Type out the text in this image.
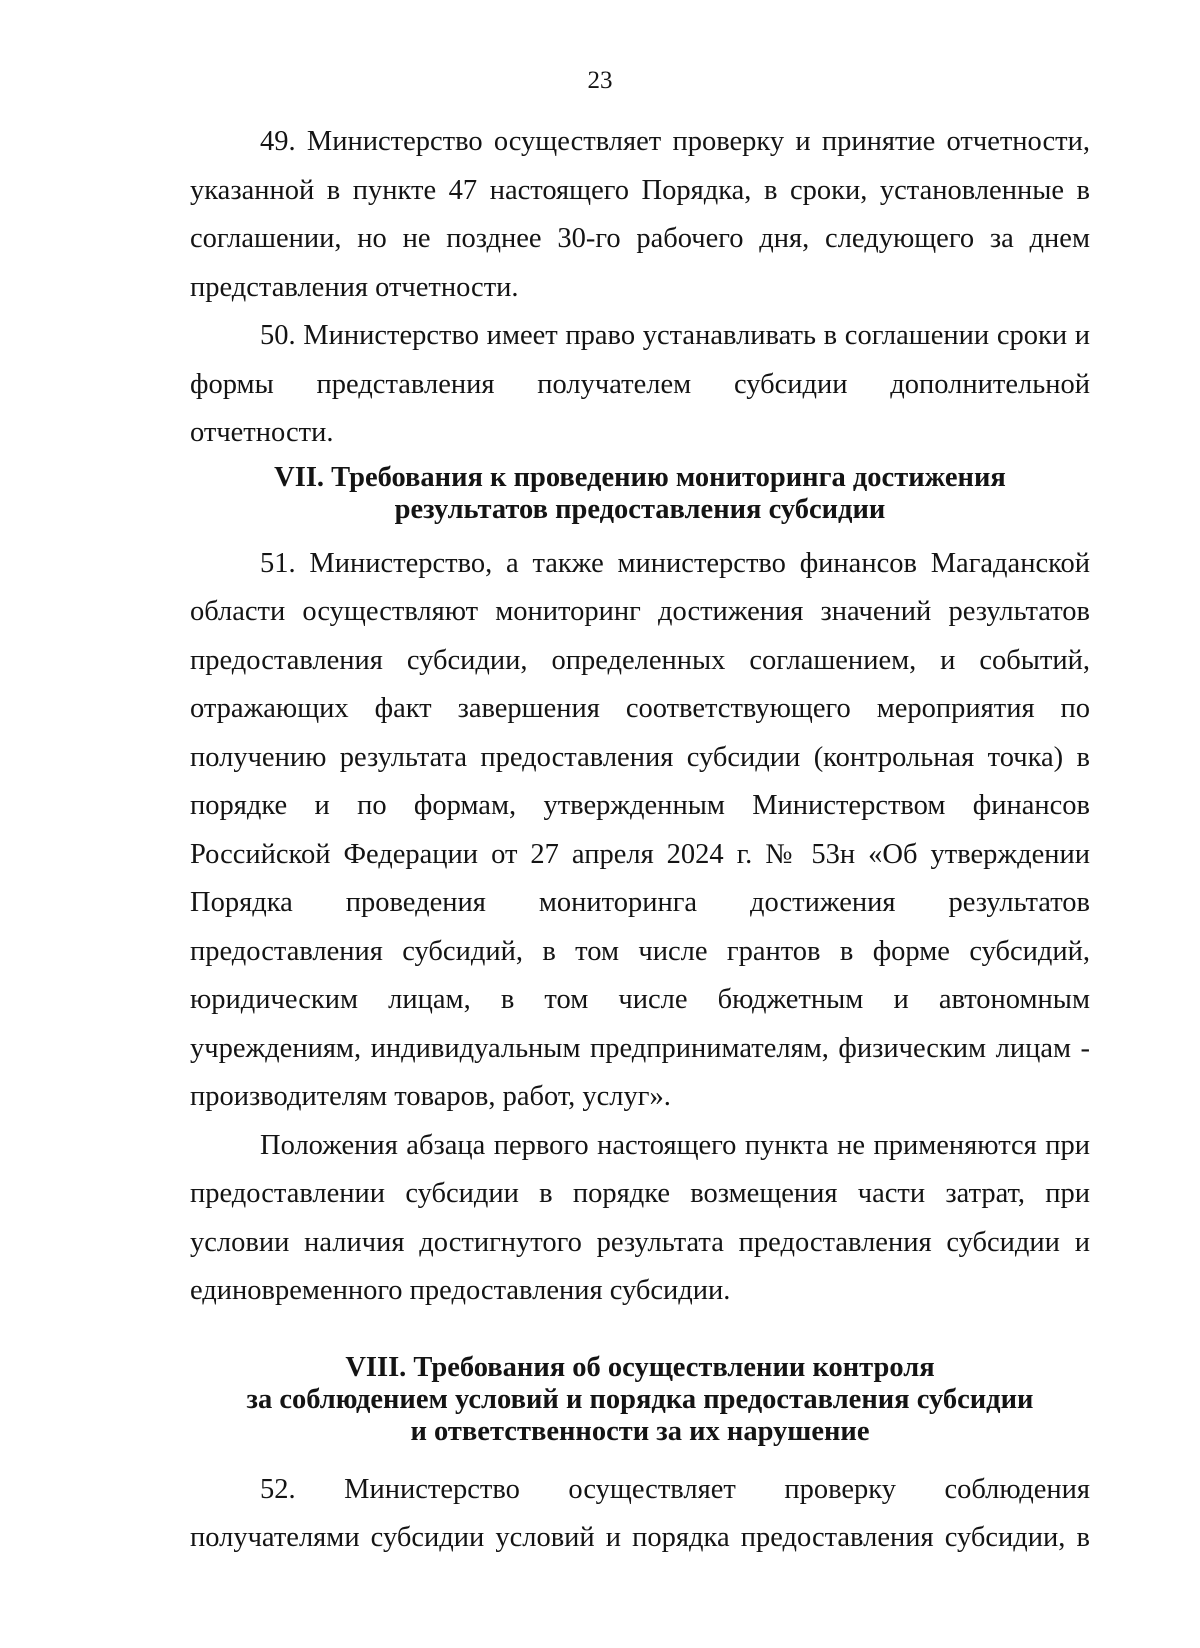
23

49. Министерство осуществляет проверку и принятие отчетности, указанной в пункте 47 настоящего Порядка, в сроки, установленные в соглашении, но не позднее 30-го рабочего дня, следующего за днем представления отчетности.

50. Министерство имеет право устанавливать в соглашении сроки и формы представления получателем субсидии дополнительной отчетности.

VII. Требования к проведению мониторинга достижения
результатов предоставления субсидии

51. Министерство, а также министерство финансов Магаданской области осуществляют мониторинг достижения значений результатов предоставления субсидии, определенных соглашением, и событий, отражающих факт завершения соответствующего мероприятия по получению результата предоставления субсидии (контрольная точка) в порядке и по формам, утвержденным Министерством финансов Российской Федерации от 27 апреля 2024 г. № 53н «Об утверждении Порядка проведения мониторинга достижения результатов предоставления субсидий, в том числе грантов в форме субсидий, юридическим лицам, в том числе бюджетным и автономным учреждениям, индивидуальным предпринимателям, физическим лицам - производителям товаров, работ, услуг».

Положения абзаца первого настоящего пункта не применяются при предоставлении субсидии в порядке возмещения части затрат, при условии наличия достигнутого результата предоставления субсидии и единовременного предоставления субсидии.

VIII. Требования об осуществлении контроля
за соблюдением условий и порядка предоставления субсидии
и ответственности за их нарушение

52. Министерство осуществляет проверку соблюдения получателями субсидии условий и порядка предоставления субсидии, в
